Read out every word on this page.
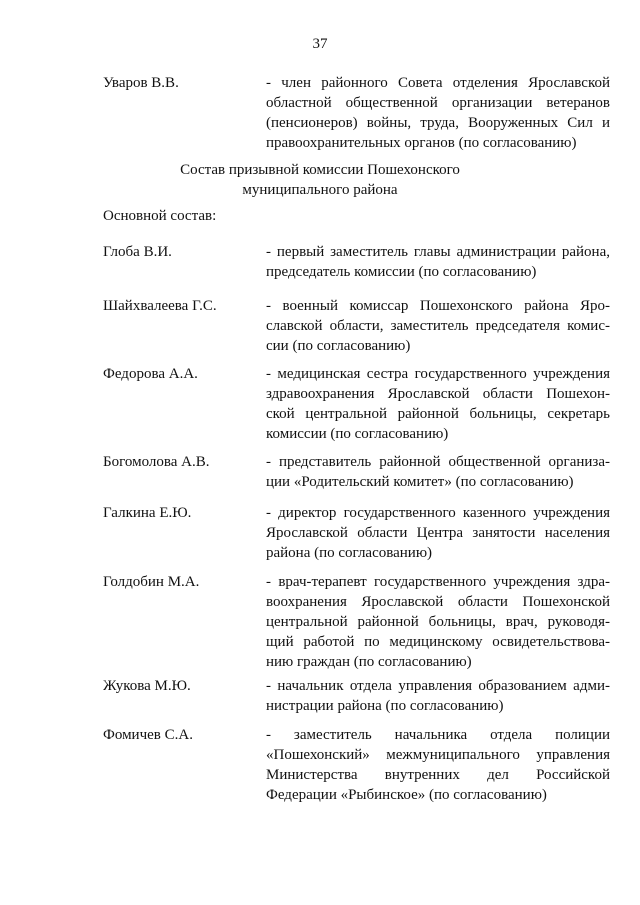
37
Уваров В.В.	- член районного Совета отделения Ярославской
областной общественной организации ветеранов
(пенсионеров) войны, труда, Вооруженных Сил и
правоохранительных органов (по согласованию)
Состав призывной комиссии Пошехонского
муниципального района
Основной состав:
Глоба В.И.	- первый заместитель главы администрации района,
председатель комиссии (по согласованию)
Шайхвалеева Г.С.	- военный комиссар Пошехонского района Яро-
славской области, заместитель председателя комис-
сии (по согласованию)
Федорова А.А.	- медицинская сестра государственного учреждения
здравоохранения Ярославской области Пошехон-
ской центральной районной больницы, секретарь
комиссии (по согласованию)
Богомолова А.В.	- представитель районной общественной организа-
ции «Родительский комитет» (по согласованию)
Галкина Е.Ю.	- директор государственного казенного учреждения
Ярославской области Центра занятости населения
района (по согласованию)
Голдобин М.А.	- врач-терапевт государственного учреждения здра-
воохранения Ярославской области Пошехонской
центральной районной больницы, врач, руководя-
щий работой по медицинскому освидетельствова-
нию граждан (по согласованию)
Жукова М.Ю.	- начальник отдела управления образованием адми-
нистрации района (по согласованию)
Фомичев С.А.	- заместитель начальника отдела полиции
«Пошехонский» межмуниципального управления
Министерства внутренних дел Российской
Федерации «Рыбинское» (по согласованию)
